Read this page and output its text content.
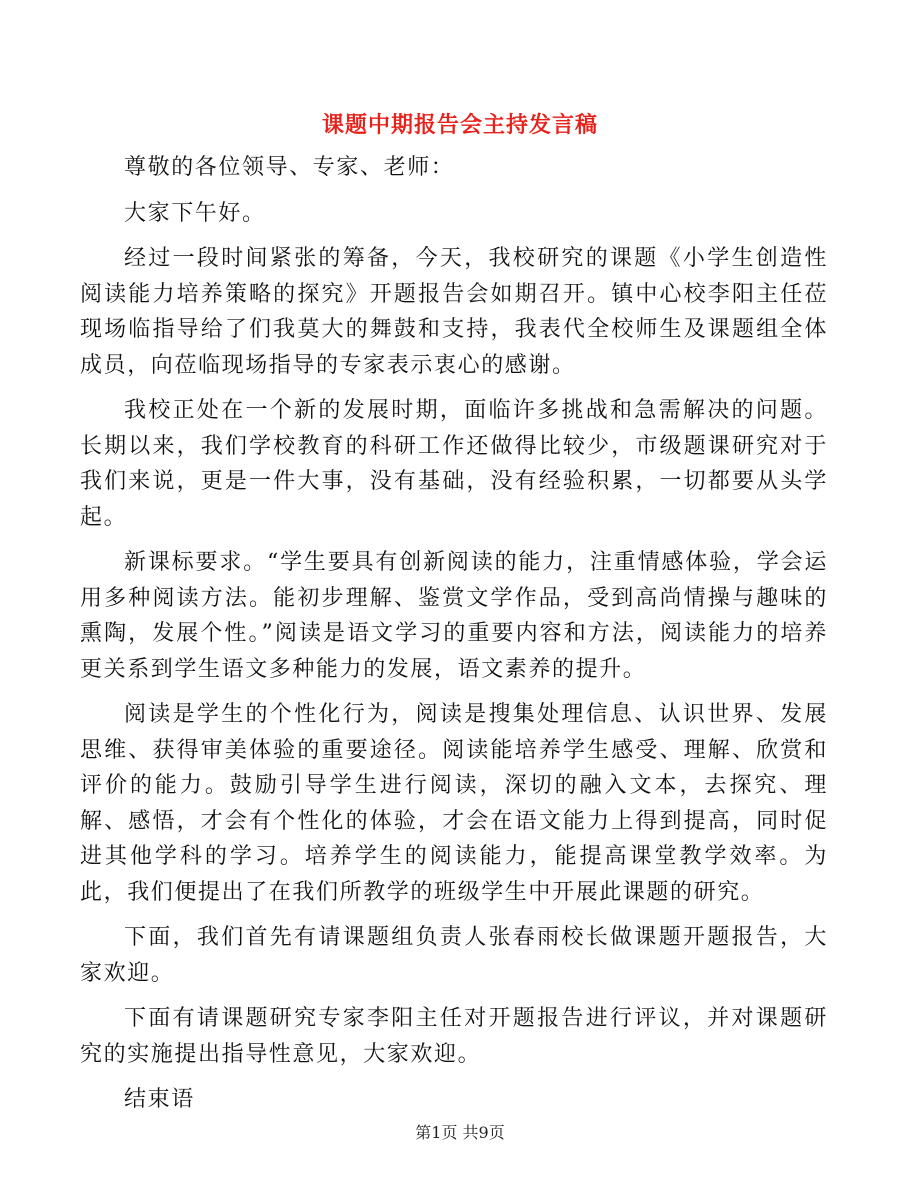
课题中期报告会主持发言稿

尊敬的各位领导、专家、老师：

大家下午好。

经过一段时间紧张的筹备，今天，我校研究的课题《小学生创造性阅读能力培养策略的探究》开题报告会如期召开。镇中心校李阳主任莅现场临指导给了们我莫大的舞鼓和支持，我表代全校师生及课题组全体成员，向莅临现场指导的专家表示衷心的感谢。

我校正处在一个新的发展时期，面临许多挑战和急需解决的问题。长期以来，我们学校教育的科研工作还做得比较少，市级题课研究对于我们来说，更是一件大事，没有基础，没有经验积累，一切都要从头学起。

新课标要求。“学生要具有创新阅读的能力，注重情感体验，学会运用多种阅读方法。能初步理解、鉴赏文学作品，受到高尚情操与趣味的熏陶，发展个性。”阅读是语文学习的重要内容和方法，阅读能力的培养更关系到学生语文多种能力的发展，语文素养的提升。

阅读是学生的个性化行为，阅读是搜集处理信息、认识世界、发展思维、获得审美体验的重要途径。阅读能培养学生感受、理解、欣赏和评价的能力。鼓励引导学生进行阅读，深切的融入文本，去探究、理解、感悟，才会有个性化的体验，才会在语文能力上得到提高，同时促进其他学科的学习。培养学生的阅读能力，能提高课堂教学效率。为此，我们便提出了在我们所教学的班级学生中开展此课题的研究。

下面，我们首先有请课题组负责人张春雨校长做课题开题报告，大家欢迎。

下面有请课题研究专家李阳主任对开题报告进行评议，并对课题研究的实施提出指导性意见，大家欢迎。

结束语

第1页 共9页
